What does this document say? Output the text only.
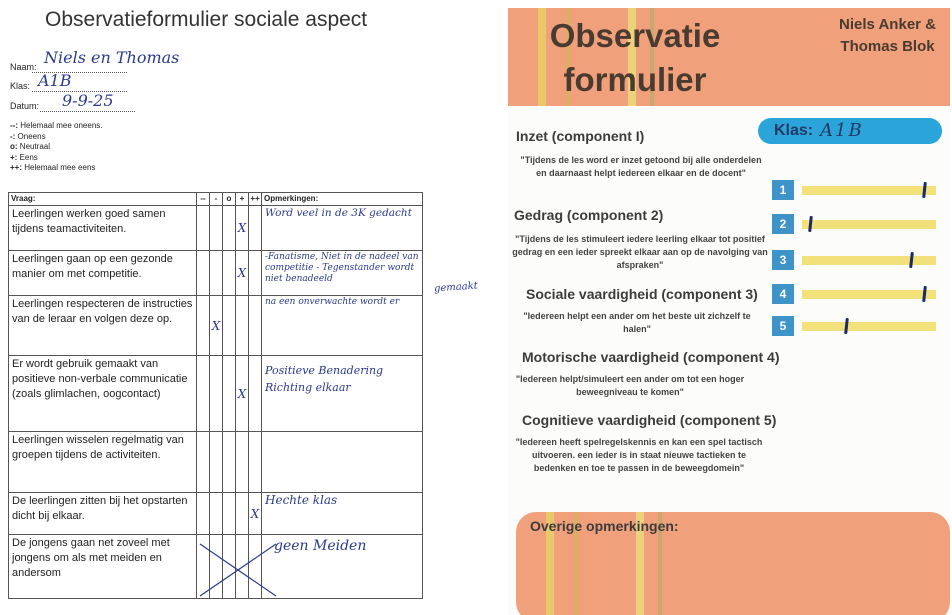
Observatieformulier sociale aspect
Naam: Niels en Thomas
Klas: A1B
Datum: 9-9-25
--: Helemaal mee oneens.
-: Oneens
o: Neutraal
+: Eens
++: Helemaal mee eens
Vraag:	--	-	o	+	++	Opmerkingen:
Leerlingen werken goed samen tijdens teamactiviteiten.				X		Word veel in de 3K gedacht
Leerlingen gaan op een gezonde manier om met competitie.				X		-Fanatisme, Niet in de nadeel van competitie - Tegenstander wordt niet benadeeld
Leerlingen respecteren de instructies van de leraar en volgen deze op.		X				na een onverwachte wordt er
Er wordt gebruik gemaakt van positieve non-verbale communicatie (zoals glimlachen, oogcontact)				X		Positieve Benadering Richting elkaar
Leerlingen wisselen regelmatig van groepen tijdens de activiteiten.						
De leerlingen zitten bij het opstarten dicht bij elkaar.					X	Hechte klas
De jongens gaan net zoveel met jongens om als met meiden en andersom						geen Meiden
gemaakt
Observatie
formulier
Niels Anker &
Thomas Blok
Klas: A1B
Inzet (component I)
"Tijdens de les word er inzet getoond bij alle onderdelen en daarnaast helpt iedereen elkaar en de docent"
Gedrag (component 2)
"Tijdens de les stimuleert iedere leerling elkaar tot positief gedrag en een ieder spreekt elkaar aan op de navolging van afspraken"
Sociale vaardigheid (component 3)
"Iedereen helpt een ander om het beste uit zichzelf te halen"
Motorische vaardigheid (component 4)
"Iedereen helpt/simuleert een ander om tot een hoger beweegniveau te komen"
Cognitieve vaardigheid (component 5)
"Iedereen heeft spelregelskennis en kan een spel tactisch uitvoeren. een ieder is in staat nieuwe tactieken te bedenken en toe te passen in de beweegdomein"
1
2
3
4
5
Overige opmerkingen:
